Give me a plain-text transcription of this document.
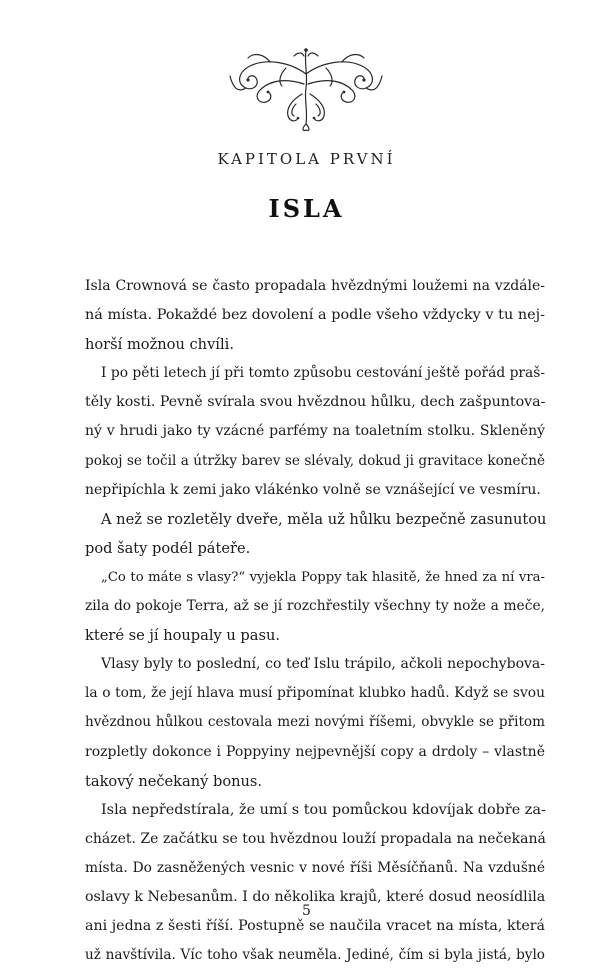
KAPITOLA PRVNÍ
ISLA
Isla Crownová se často propadala hvězdnými loužemi na vzdále-
ná místa. Pokaždé bez dovolení a podle všeho vždycky v tu nej-
horší možnou chvíli.
I po pěti letech jí při tomto způsobu cestování ještě pořád praš-
těly kosti. Pevně svírala svou hvězdnou hůlku, dech zašpuntova-
ný v hrudi jako ty vzácné parfémy na toaletním stolku. Skleněný
pokoj se točil a útržky barev se slévaly, dokud ji gravitace konečně
nepřipíchla k zemi jako vlákénko volně se vznášející ve vesmíru.
A než se rozletěly dveře, měla už hůlku bezpečně zasunutou
pod šaty podél páteře.
„Co to máte s vlasy?“ vyjekla Poppy tak hlasitě, že hned za ní vra-
zila do pokoje Terra, až se jí rozchřestily všechny ty nože a meče,
které se jí houpaly u pasu.
Vlasy byly to poslední, co teď Islu trápilo, ačkoli nepochybova-
la o tom, že její hlava musí připomínat klubko hadů. Když se svou
hvězdnou hůlkou cestovala mezi novými říšemi, obvykle se přitom
rozpletly dokonce i Poppyiny nejpevnější copy a drdoly – vlastně
takový nečekaný bonus.
Isla nepředstírala, že umí s tou pomůckou kdovíjak dobře za-
cházet. Ze začátku se tou hvězdnou louží propadala na nečekaná
místa. Do zasněžených vesnic v nové říši Měsíčňanů. Na vzdušné
oslavy k Nebesanům. I do několika krajů, které dosud neosídlila
ani jedna z šesti říší. Postupně se naučila vracet na místa, která
už navštívila. Víc toho však neuměla. Jediné, čím si byla jistá, bylo
5
